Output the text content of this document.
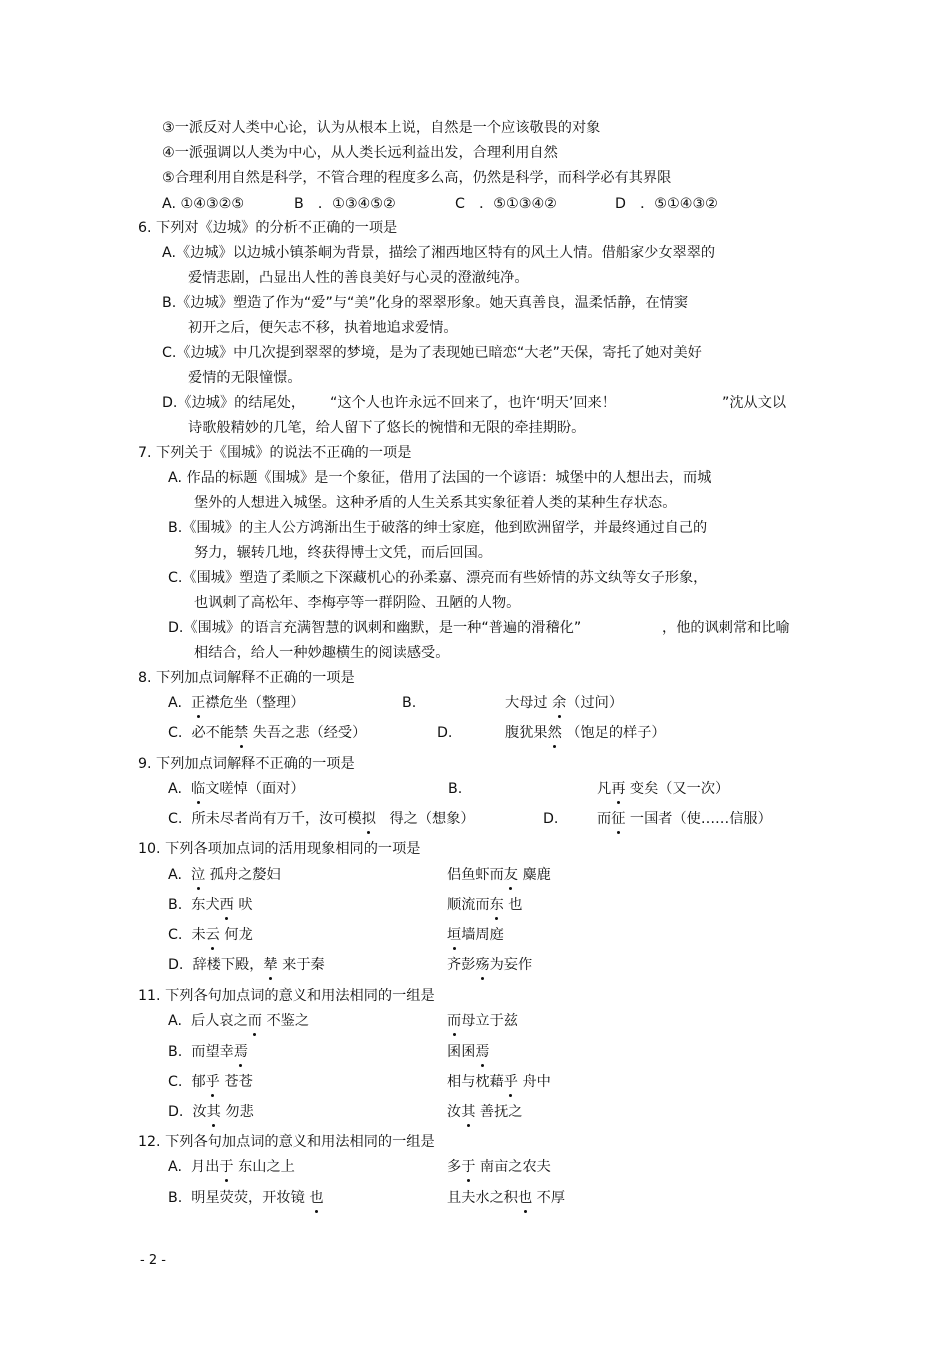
③一派反对人类中心论，认为从根本上说，自然是一个应该敬畏的对象
④一派强调以人类为中心，从人类长远利益出发，合理利用自然
⑤合理利用自然是科学，不管合理的程度多么高，仍然是科学，而科学必有其界限
A. ①④③②⑤	B　．①③④⑤②	C　．⑤①③④②	D　．⑤①④③②
6. 下列对《边城》的分析不正确的一项是
A.《边城》以边城小镇茶峒为背景，描绘了湘西地区特有的风土人情。借船家少女翠翠的
爱情悲剧，凸显出人性的善良美好与心灵的澄澈纯净。
B.《边城》塑造了作为“爱”与“美”化身的翠翠形象。她天真善良，温柔恬静，在情窦
初开之后，便矢志不移，执着地追求爱情。
C.《边城》中几次提到翠翠的梦境，是为了表现她已暗恋“大老”天保，寄托了她对美好
爱情的无限憧憬。
D.《边城》的结尾处， “这个人也许永远不回来了，也许‘明天’回来！	”沈从文以
诗歌般精妙的几笔，给人留下了悠长的惋惜和无限的牵挂期盼。
7. 下列关于《围城》的说法不正确的一项是
A. 作品的标题《围城》是一个象征，借用了法国的一个谚语：城堡中的人想出去，而城
堡外的人想进入城堡。这种矛盾的人生关系其实象征着人类的某种生存状态。
B.《围城》的主人公方鸿渐出生于破落的绅士家庭，他到欧洲留学，并最终通过自己的
努力，辗转几地，终获得博士文凭，而后回国。
C.《围城》塑造了柔顺之下深藏机心的孙柔嘉、漂亮而有些娇情的苏文纨等女子形象，
也讽刺了高松年、李梅亭等一群阴险、丑陋的人物。
D.《围城》的语言充满智慧的讽刺和幽默，是一种“普遍的滑稽化”	，他的讽刺常和比喻
相结合，给人一种妙趣横生的阅读感受。
8. 下列加点词解释不正确的一项是
A. 正襟危坐（整理）	B.	大母过 余（过问）
C. 必不能禁 失吾之悲（经受）	D.	腹犹果然 （饱足的样子）
9. 下列加点词解释不正确的一项是
A. 临文嗟悼（面对）	B.	凡再 变矣（又一次）
C. 所未尽者尚有万千，汝可模拟 得之（想象）	D.	而征 一国者（使……信服）
10. 下列各项加点词的活用现象相同的一项是
A. 泣 孤舟之嫠妇	侣鱼虾而友 麋鹿
B. 东犬西 吠	顺流而东 也
C. 未云 何龙	垣墙周庭
D. 辞楼下殿，辇 来于秦	齐彭殇为妄作
11. 下列各句加点词的意义和用法相同的一组是
A. 后人哀之而 不鉴之	而母立于兹
B. 而望幸焉	囷囷焉
C. 郁乎 苍苍	相与枕藉乎 舟中
D. 汝其 勿悲	汝其 善抚之
12. 下列各句加点词的意义和用法相同的一组是
A. 月出于 东山之上	多于 南亩之农夫
B. 明星荧荧，开妆镜 也	且夫水之积也 不厚
- 2 -
